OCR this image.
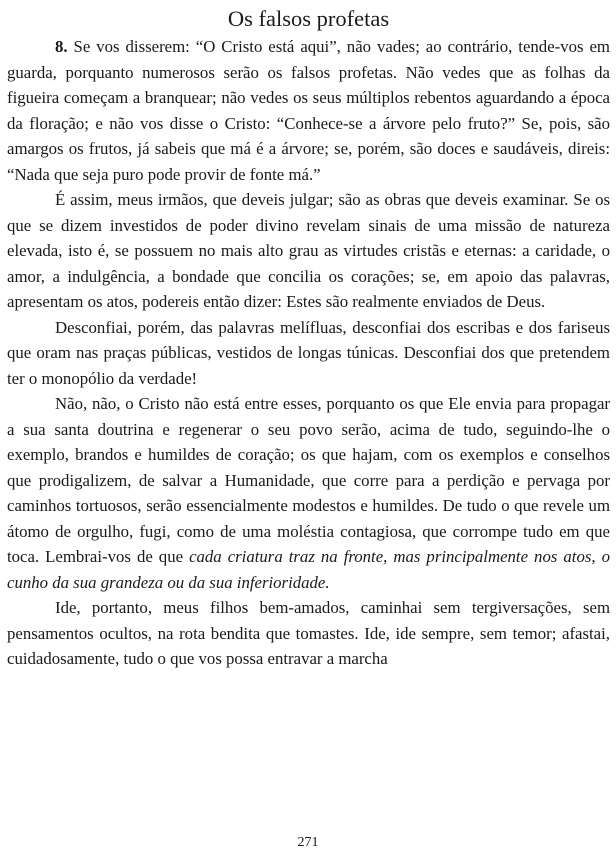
Os falsos profetas

8. Se vos disserem: “O Cristo está aqui”, não vades; ao contrário, tende-vos em guarda, porquanto numerosos serão os falsos profetas. Não vedes que as folhas da figueira começam a branquear; não vedes os seus múltiplos rebentos aguardando a época da floração; e não vos disse o Cristo: “Conhece-se a árvore pelo fruto?” Se, pois, são amargos os frutos, já sabeis que má é a árvore; se, porém, são doces e saudáveis, direis: “Nada que seja puro pode provir de fonte má.”

É assim, meus irmãos, que deveis julgar; são as obras que deveis examinar. Se os que se dizem investidos de poder divino revelam sinais de uma missão de natureza elevada, isto é, se possuem no mais alto grau as virtudes cristãs e eternas: a caridade, o amor, a indulgência, a bondade que concilia os corações; se, em apoio das palavras, apresentam os atos, podereis então dizer: Estes são realmente enviados de Deus.

Desconfiai, porém, das palavras melífluas, desconfiai dos escribas e dos fariseus que oram nas praças públicas, vestidos de longas túnicas. Desconfiai dos que pretendem ter o monopólio da verdade!

Não, não, o Cristo não está entre esses, porquanto os que Ele envia para propagar a sua santa doutrina e regenerar o seu povo serão, acima de tudo, seguindo-lhe o exemplo, brandos e humildes de coração; os que hajam, com os exemplos e conselhos que prodigalizem, de salvar a Humanidade, que corre para a perdição e pervaga por caminhos tortuosos, serão essencialmente modestos e humildes. De tudo o que revele um átomo de orgulho, fugi, como de uma moléstia contagiosa, que corrompe tudo em que toca. Lembrai-vos de que cada criatura traz na fronte, mas principalmente nos atos, o cunho da sua grandeza ou da sua inferioridade.

Ide, portanto, meus filhos bem-amados, caminhai sem tergiversações, sem pensamentos ocultos, na rota bendita que tomastes. Ide, ide sempre, sem temor; afastai, cuidadosamente, tudo o que vos possa entravar a marcha

271
